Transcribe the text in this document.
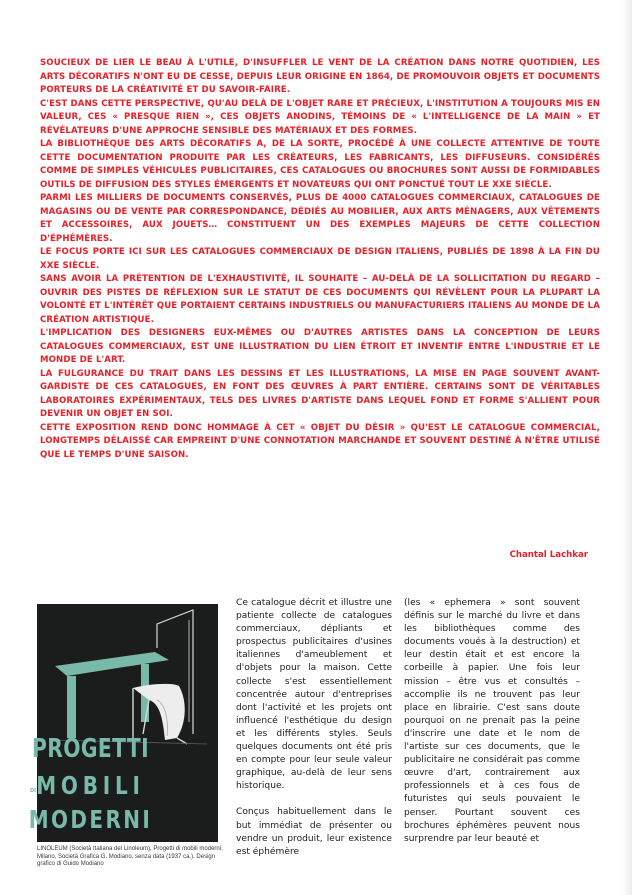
SOUCIEUX DE LIER LE BEAU À L'UTILE, D'INSUFFLER LE VENT DE LA CRÉATION DANS NOTRE QUOTIDIEN, LES ARTS DÉCORATIFS N'ONT EU DE CESSE, DEPUIS LEUR ORIGINE EN 1864, DE PROMOUVOIR OBJETS ET DOCUMENTS PORTEURS DE LA CRÉATIVITÉ ET DU SAVOIR-FAIRE.

C'EST DANS CETTE PERSPECTIVE, QU'AU DELÀ DE L'OBJET RARE ET PRÉCIEUX, L'INSTITUTION A TOUJOURS MIS EN VALEUR, CES « PRESQUE RIEN », CES OBJETS ANODINS, TÉMOINS DE « L'INTELLIGENCE DE LA MAIN » ET RÉVÉLATEURS D'UNE APPROCHE SENSIBLE DES MATÉRIAUX ET DES FORMES.

LA BIBLIOTHÈQUE DES ARTS DÉCORATIFS A, DE LA SORTE, PROCÉDÉ À UNE COLLECTE ATTENTIVE DE TOUTE CETTE DOCUMENTATION PRODUITE PAR LES CRÉATEURS, LES FABRICANTS, LES DIFFUSEURS. CONSIDÉRÉS COMME DE SIMPLES VÉHICULES PUBLICITAIRES, CES CATALOGUES OU BROCHURES SONT AUSSI DE FORMIDABLES OUTILS DE DIFFUSION DES STYLES ÉMERGENTS ET NOVATEURS QUI ONT PONCTUÉ TOUT LE XXE SIÈCLE.

PARMI LES MILLIERS DE DOCUMENTS CONSERVÉS, PLUS DE 4000 CATALOGUES COMMERCIAUX, CATALOGUES DE MAGASINS OU DE VENTE PAR CORRESPONDANCE, DÉDIÉS AU MOBILIER, AUX ARTS MÉNAGERS, AUX VÊTEMENTS ET ACCESSOIRES, AUX JOUETS… CONSTITUENT UN DES EXEMPLES MAJEURS DE CETTE COLLECTION D'ÉPHÉMÈRES.

LE FOCUS PORTE ICI SUR LES CATALOGUES COMMERCIAUX DE DESIGN ITALIENS, PUBLIÉS DE 1898 À LA FIN DU XXE SIÈCLE.

SANS AVOIR LA PRÉTENTION DE L'EXHAUSTIVITÉ, IL SOUHAITE – AU-DELÀ DE LA SOLLICITATION DU REGARD – OUVRIR DES PISTES DE RÉFLEXION SUR LE STATUT DE CES DOCUMENTS QUI RÉVÈLENT POUR LA PLUPART LA VOLONTÉ ET L'INTÉRÊT QUE PORTAIENT CERTAINS INDUSTRIELS OU MANUFACTURIERS ITALIENS AU MONDE DE LA CRÉATION ARTISTIQUE.

L'IMPLICATION DES DESIGNERS EUX-MÊMES OU D'AUTRES ARTISTES DANS LA CONCEPTION DE LEURS CATALOGUES COMMERCIAUX, EST UNE ILLUSTRATION DU LIEN ÉTROIT ET INVENTIF ENTRE L'INDUSTRIE ET LE MONDE DE L'ART.

LA FULGURANCE DU TRAIT DANS LES DESSINS ET LES ILLUSTRATIONS, LA MISE EN PAGE SOUVENT AVANT-GARDISTE DE CES CATALOGUES, EN FONT DES ŒUVRES À PART ENTIÈRE. CERTAINS SONT DE VÉRITABLES LABORATOIRES EXPÉRIMENTAUX, TELS DES LIVRES D'ARTISTE DANS LEQUEL FOND ET FORME S'ALLIENT POUR DEVENIR UN OBJET EN SOI.

CETTE EXPOSITION REND DONC HOMMAGE À CET « OBJET DU DÉSIR » QU'EST LE CATALOGUE COMMERCIAL, LONGTEMPS DÉLAISSÉ CAR EMPREINT D'UNE CONNOTATION MARCHANDE ET SOUVENT DESTINÉ À N'ÊTRE UTILISÉ QUE LE TEMPS D'UNE SAISON.

Chantal Lachkar
PROGETTI
DI MOBILI
MODERNI
LINOLEUM (Società Italiana del Linoleum), Progetti di mobili moderni, Milano, Società Grafica G. Modiano, senza data (1937 ca.). Design grafico di Guido Modiano

Ce catalogue décrit et illustre une patiente collecte de catalogues commerciaux, dépliants et prospectus publicitaires d'usines italiennes d'ameublement et d'objets pour la maison. Cette collecte s'est essentiellement concentrée autour d'entreprises dont l'activité et les projets ont influencé l'esthétique du design et les différents styles. Seuls quelques documents ont été pris en compte pour leur seule valeur graphique, au-delà de leur sens historique.

Conçus habituellement dans le but immédiat de présenter ou vendre un produit, leur existence est éphémère

(les « ephemera » sont souvent définis sur le marché du livre et dans les bibliothèques comme des documents voués à la destruction) et leur destin était et est encore la corbeille à papier. Une fois leur mission – être vus et consultés – accomplie ils ne trouvent pas leur place en librairie. C'est sans doute pourquoi on ne prenait pas la peine d'inscrire une date et le nom de l'artiste sur ces documents, que le publicitaire ne considérait pas comme œuvre d'art, contrairement aux professionnels et à ces fous de futuristes qui seuls pouvaient le penser. Pourtant souvent ces brochures éphémères peuvent nous surprendre par leur beauté et
